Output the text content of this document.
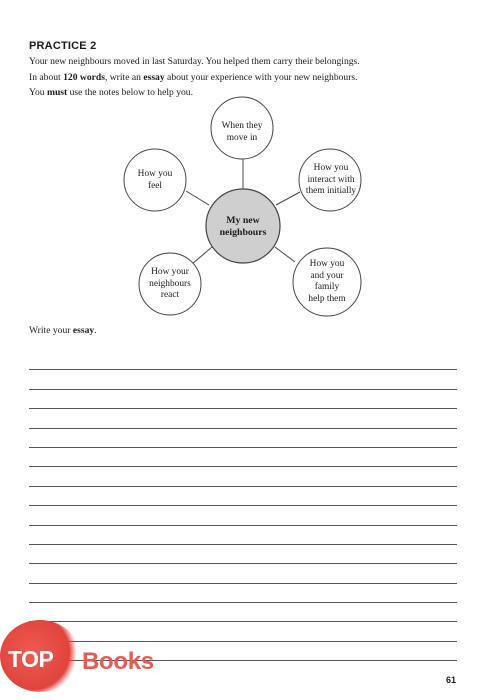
PRACTICE 2
Your new neighbours moved in last Saturday. You helped them carry their belongings.
In about 120 words, write an essay about your experience with your new neighbours.
You must use the notes below to help you.
When they
move in
How you
feel
How you
interact with
them initially
My new
neighbours
How your
neighbours
react
How you
and your
family
help them
Write your essay.
TOP Books
61
